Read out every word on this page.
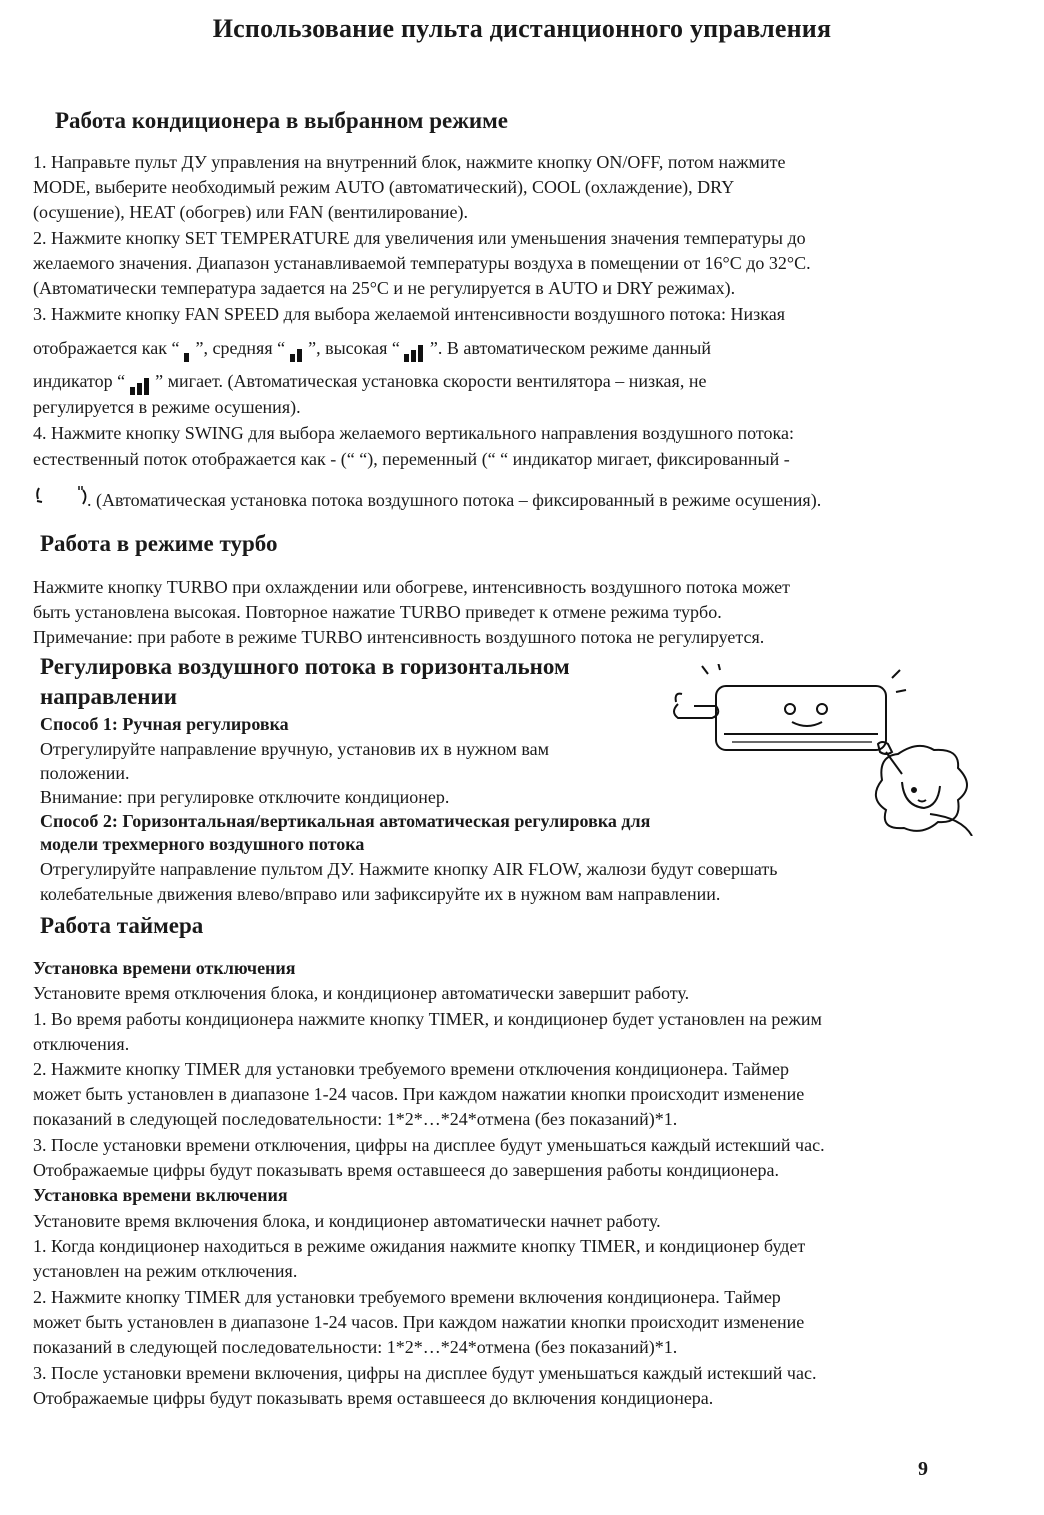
Использование пульта дистанционного управления
Работа кондиционера в выбранном режиме

1. Направьте пульт ДУ управления на внутренний блок, нажмите кнопку ON/OFF, потом нажмите

MODE, выберите необходимый режим AUTO (автоматический), COOL (охлаждение), DRY

(осушение), HEAT (обогрев) или FAN (вентилирование).

2. Нажмите кнопку SET TEMPERATURE для увеличения или уменьшения значения температуры до

желаемого значения. Диапазон устанавливаемой температуры воздуха в помещении от 16°C до 32°C.

(Автоматически температура задается на 25°C и не регулируется в AUTO и DRY режимах).

3. Нажмите кнопку FAN SPEED для выбора желаемой интенсивности воздушного потока: Низкая

отображается как “ ”, средняя “ ”, высокая “ ”. В автоматическом режиме данный

индикатор “ ” мигает. (Автоматическая установка скорости вентилятора – низкая, не

регулируется в режиме осушения).

4. Нажмите кнопку SWING для выбора желаемого вертикального направления воздушного потока:

естественный поток отображается как - (“ “), переменный (“ “ индикатор мигает, фиксированный -

. (Автоматическая установка потока воздушного потока – фиксированный в режиме осушения).

Работа в режиме турбо

Нажмите кнопку TURBO при охлаждении или обогреве, интенсивность воздушного потока может

быть установлена высокая. Повторное нажатие TURBO приведет к отмене режима турбо.

Примечание: при работе в режиме TURBO интенсивность воздушного потока не регулируется.

Регулировка воздушного потока в горизонтальном
направлении

Способ 1: Ручная регулировка

Отрегулируйте направление вручную, установив их в нужном вам

положении.

Внимание: при регулировке отключите кондиционер.

Способ 2: Горизонтальная/вертикальная автоматическая регулировка для

модели трехмерного воздушного потока

Отрегулируйте направление пультом ДУ. Нажмите кнопку AIR FLOW, жалюзи будут совершать

колебательные движения влево/вправо или зафиксируйте их в нужном вам направлении.

Работа таймера

Установка времени отключения

Установите время отключения блока, и кондиционер автоматически завершит работу.

1. Во время работы кондиционера нажмите кнопку TIMER, и кондиционер будет установлен на режим

отключения.

2. Нажмите кнопку TIMER для установки требуемого времени отключения кондиционера. Таймер

может быть установлен в диапазоне 1-24 часов. При каждом нажатии кнопки происходит изменение

показаний в следующей последовательности: 1*2*…*24*отмена (без показаний)*1.

3. После установки времени отключения, цифры на дисплее будут уменьшаться каждый истекший час.

Отображаемые цифры будут показывать время оставшееся до завершения работы кондиционера.

Установка времени включения

Установите время включения блока, и кондиционер автоматически начнет работу.

1. Когда кондиционер находиться в режиме ожидания нажмите кнопку TIMER, и кондиционер будет

установлен на режим отключения.

2. Нажмите кнопку TIMER для установки требуемого времени включения кондиционера. Таймер

может быть установлен в диапазоне 1-24 часов. При каждом нажатии кнопки происходит изменение

показаний в следующей последовательности: 1*2*…*24*отмена (без показаний)*1.

3. После установки времени включения, цифры на дисплее будут уменьшаться каждый истекший час.

Отображаемые цифры будут показывать время оставшееся до включения кондиционера.

9
